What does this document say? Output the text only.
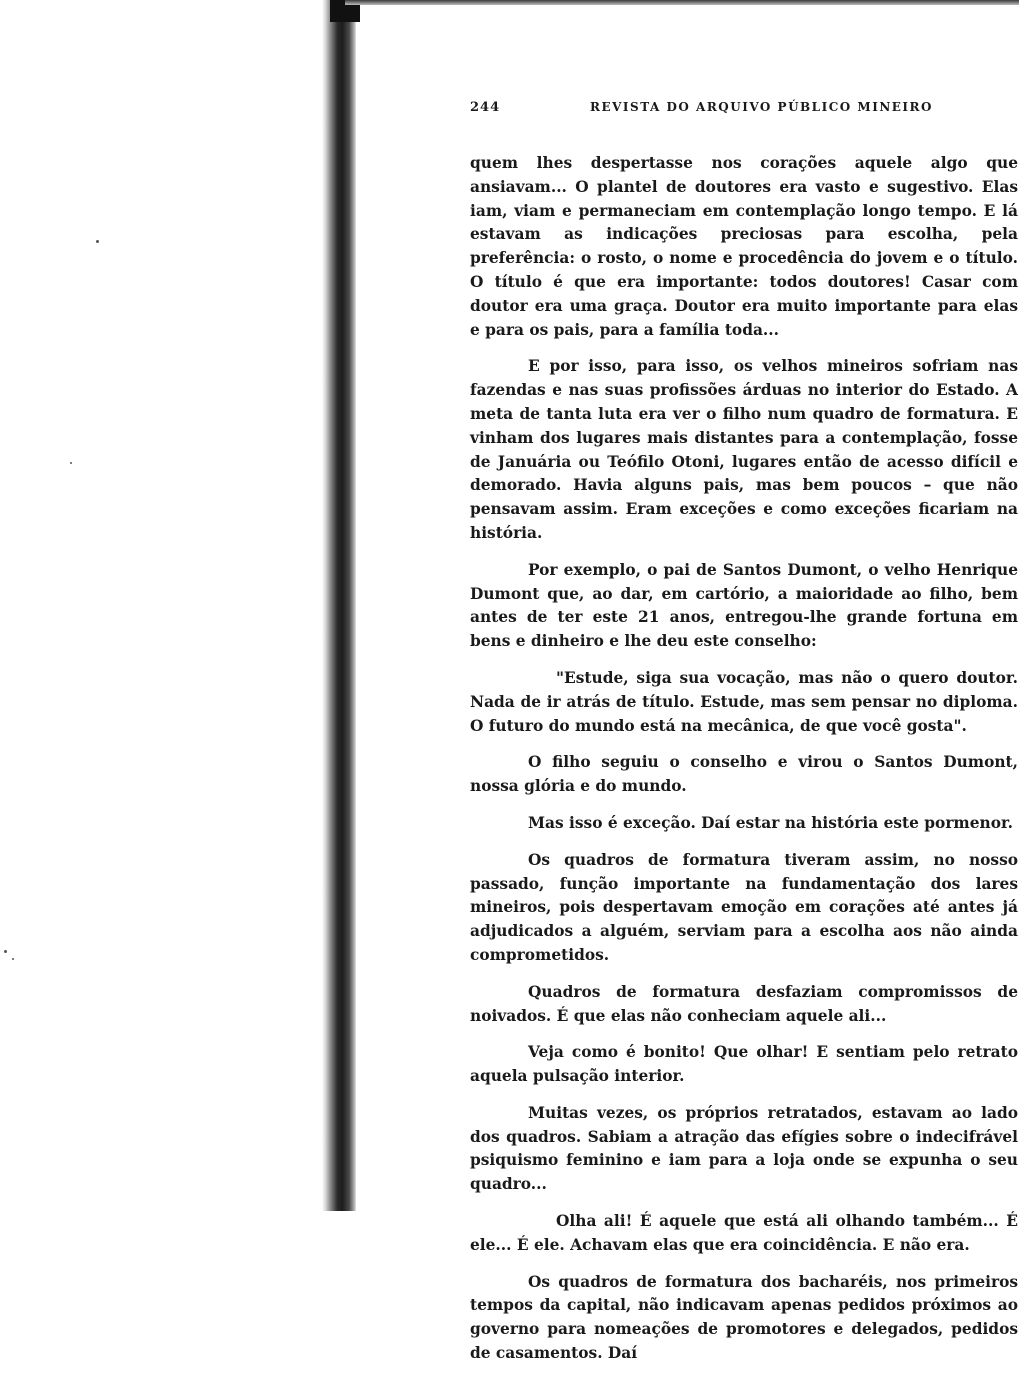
244	REVISTA DO ARQUIVO PÚBLICO MINEIRO

quem lhes despertasse nos corações aquele algo que ansiavam... O plantel de doutores era vasto e sugestivo. Elas iam, viam e permaneciam em contemplação longo tempo. E lá estavam as indicações preciosas para escolha, pela preferência: o rosto, o nome e procedência do jovem e o título. O título é que era importante: todos doutores! Casar com doutor era uma graça. Doutor era muito importante para elas e para os pais, para a família toda...

E por isso, para isso, os velhos mineiros sofriam nas fazendas e nas suas profissões árduas no interior do Estado. A meta de tanta luta era ver o filho num quadro de formatura. E vinham dos lugares mais distantes para a contemplação, fosse de Januária ou Teófilo Otoni, lugares então de acesso difícil e demorado. Havia alguns pais, mas bem poucos – que não pensavam assim. Eram exceções e como exceções ficariam na história.

Por exemplo, o pai de Santos Dumont, o velho Henrique Dumont que, ao dar, em cartório, a maioridade ao filho, bem antes de ter este 21 anos, entregou-lhe grande fortuna em bens e dinheiro e lhe deu este conselho:

"Estude, siga sua vocação, mas não o quero doutor. Nada de ir atrás de título. Estude, mas sem pensar no diploma. O futuro do mundo está na mecânica, de que você gosta".

O filho seguiu o conselho e virou o Santos Dumont, nossa glória e do mundo.

Mas isso é exceção. Daí estar na história este pormenor.

Os quadros de formatura tiveram assim, no nosso passado, função importante na fundamentação dos lares mineiros, pois despertavam emoção em corações até antes já adjudicados a alguém, serviam para a escolha aos não ainda comprometidos.

Quadros de formatura desfaziam compromissos de noivados. É que elas não conheciam aquele ali...

Veja como é bonito! Que olhar! E sentiam pelo retrato aquela pulsação interior.

Muitas vezes, os próprios retratados, estavam ao lado dos quadros. Sabiam a atração das efígies sobre o indecifrável psiquismo feminino e iam para a loja onde se expunha o seu quadro...

Olha ali! É aquele que está ali olhando também... É ele... É ele. Achavam elas que era coincidência. E não era.

Os quadros de formatura dos bacharéis, nos primeiros tempos da capital, não indicavam apenas pedidos próximos ao governo para nomeações de promotores e delegados, pedidos de casamentos. Daí
